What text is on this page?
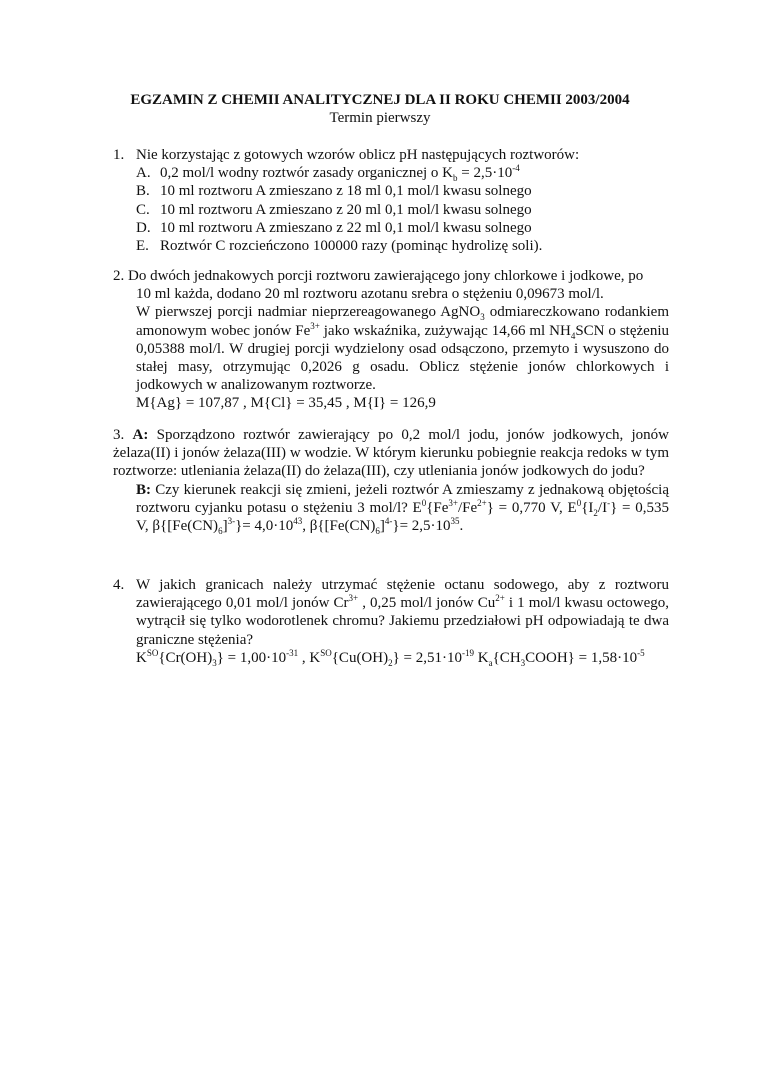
EGZAMIN Z CHEMII ANALITYCZNEJ DLA II ROKU CHEMII 2003/2004
Termin pierwszy
1. Nie korzystając z gotowych wzorów oblicz pH następujących roztworów:
A. 0,2 mol/l wodny roztwór zasady organicznej o $K_b = 2,5\cdot 10^{-4}$
B. 10 ml roztworu A zmieszano z 18 ml 0,1 mol/l kwasu solnego
C. 10 ml roztworu A zmieszano z 20 ml 0,1 mol/l kwasu solnego
D. 10 ml roztworu A zmieszano z 22 ml 0,1 mol/l kwasu solnego
E. Roztwór C rozcieńczono 100000 razy (pominąc hydrolizę soli).
2. Do dwóch jednakowych porcji roztworu zawierającego jony chlorkowe i jodkowe, po
10 ml każda, dodano 20 ml roztworu azotanu srebra o stężeniu 0,09673 mol/l.
W pierwszej porcji nadmiar nieprzereagowanego AgNO$_3$ odmiareczkowano rodankiem amonowym wobec jonów $Fe^{3+}$ jako wskaźnika, zużywając 14,66 ml $NH_4SCN$ o stężeniu 0,05388 mol/l. W drugiej porcji wydzielony osad odsączono, przemyto i wysuszono do stałej masy, otrzymując 0,2026 g osadu. Oblicz stężenie jonów chlorkowych i jodkowych w analizowanym roztworze.
M{Ag} = 107,87 , M{Cl} = 35,45 , M{I} = 126,9
3. A: Sporządzono roztwór zawierający po 0,2 mol/l jodu, jonów jodkowych, jonów żelaza(II) i jonów żelaza(III) w wodzie. W którym kierunku pobiegnie reakcja redoks w tym roztworze: utleniania żelaza(II) do żelaza(III), czy utleniania jonów jodkowych do jodu?
B: Czy kierunek reakcji się zmieni, jeżeli roztwór A zmieszamy z jednakową objętością roztworu cyjanku potasu o stężeniu 3 mol/l? $E^0\{Fe^{3+}/Fe^{2+}\} = 0,770$ V, $E^0\{I_2/I^-\} = 0,535$ V, $\beta\{[Fe(CN)_6]^{3-}\}= 4,0\cdot 10^{43}$, $\beta\{[Fe(CN)_6]^{4-}\}= 2,5\cdot 10^{35}$.
4. W jakich granicach należy utrzymać stężenie octanu sodowego, aby z roztworu zawierającego 0,01 mol/l jonów $Cr^{3+}$ , 0,25 mol/l jonów $Cu^{2+}$ i 1 mol/l kwasu octowego, wytrącił się tylko wodorotlenek chromu? Jakiemu przedziałowi pH odpowiadają te dwa graniczne stężenia?
$K^{SO}\{Cr(OH)_3\} = 1,00\cdot 10^{-31}$ , $K^{SO}\{Cu(OH)_2\} = 2,51\cdot 10^{-19}$ $K_a\{CH_3COOH\} = 1,58\cdot 10^{-5}$
